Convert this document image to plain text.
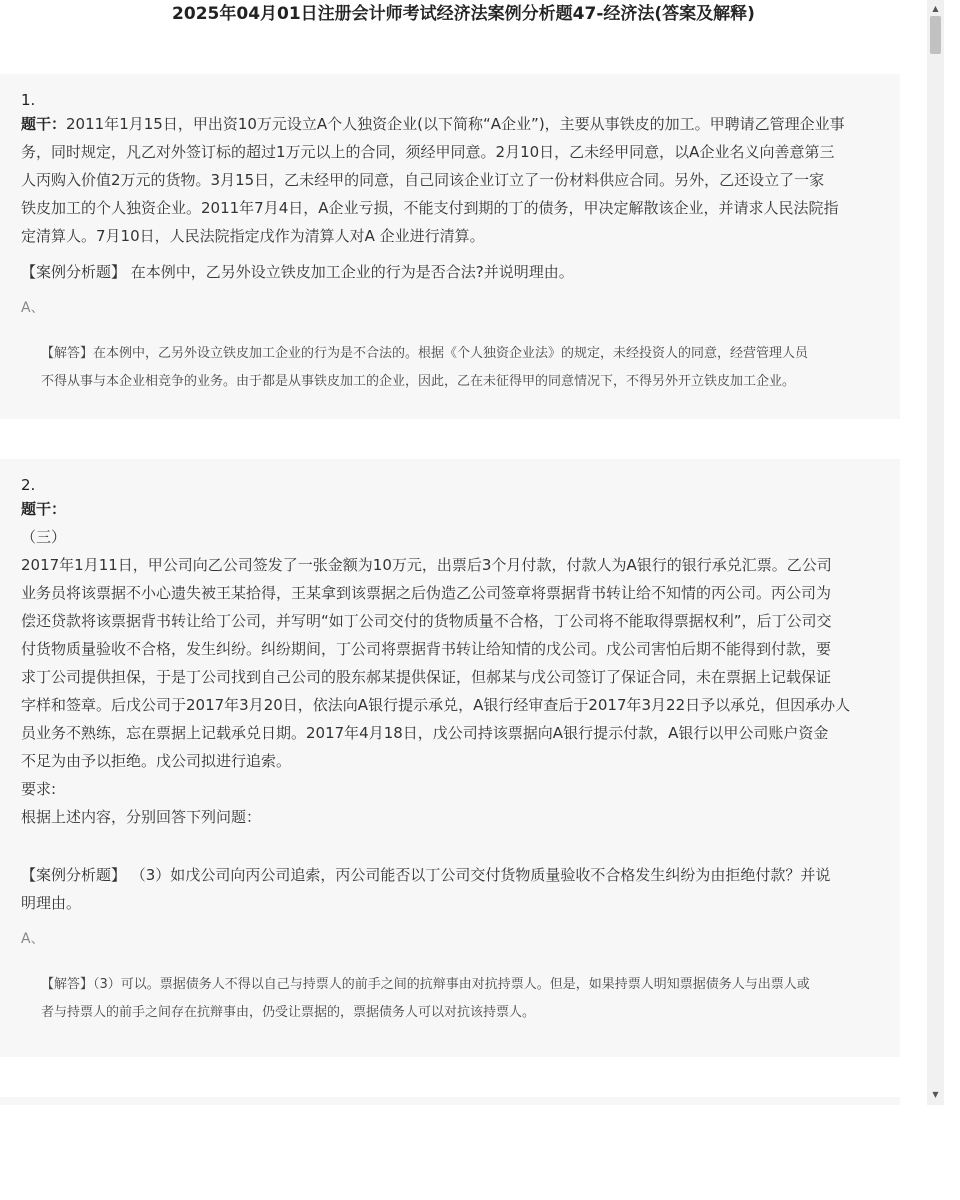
2025年04月01日注册会计师考试经济法案例分析题47-经济法(答案及解释)
1.
题干：2011年1月15日，甲出资10万元设立A个人独资企业(以下简称“A企业”)，主要从事铁皮的加工。甲聘请乙管理企业事
务，同时规定，凡乙对外签订标的超过1万元以上的合同，须经甲同意。2月10日，乙未经甲同意，以A企业名义向善意第三
人丙购入价值2万元的货物。3月15日，乙未经甲的同意，自己同该企业订立了一份材料供应合同。另外，乙还设立了一家
铁皮加工的个人独资企业。2011年7月4日，A企业亏损，不能支付到期的丁的债务，甲决定解散该企业，并请求人民法院指
定清算人。7月10日，人民法院指定戊作为清算人对A 企业进行清算。
【案例分析题】 在本例中，乙另外设立铁皮加工企业的行为是否合法?并说明理由。
A、
【解答】在本例中，乙另外设立铁皮加工企业的行为是不合法的。根据《个人独资企业法》的规定，未经投资人的同意，经营管理人员
不得从事与本企业相竞争的业务。由于都是从事铁皮加工的企业，因此，乙在未征得甲的同意情况下，不得另外开立铁皮加工企业。
2.
题干：
（三）
2017年1月11日，甲公司向乙公司签发了一张金额为10万元，出票后3个月付款，付款人为A银行的银行承兑汇票。乙公司
业务员将该票据不小心遗失被王某拾得，王某拿到该票据之后伪造乙公司签章将票据背书转让给不知情的丙公司。丙公司为
偿还贷款将该票据背书转让给丁公司，并写明“如丁公司交付的货物质量不合格，丁公司将不能取得票据权利”，后丁公司交
付货物质量验收不合格，发生纠纷。纠纷期间，丁公司将票据背书转让给知情的戊公司。戊公司害怕后期不能得到付款，要
求丁公司提供担保，于是丁公司找到自己公司的股东郝某提供保证，但郝某与戊公司签订了保证合同，未在票据上记载保证
字样和签章。后戊公司于2017年3月20日，依法向A银行提示承兑，A银行经审查后于2017年3月22日予以承兑，但因承办人
员业务不熟练，忘在票据上记载承兑日期。2017年4月18日，戊公司持该票据向A银行提示付款，A银行以甲公司账户资金
不足为由予以拒绝。戊公司拟进行追索。
要求:
根据上述内容，分别回答下列问题：
【案例分析题】 （3）如戊公司向丙公司追索，丙公司能否以丁公司交付货物质量验收不合格发生纠纷为由拒绝付款？并说
明理由。
A、
【解答】（3）可以。票据债务人不得以自己与持票人的前手之间的抗辩事由对抗持票人。但是，如果持票人明知票据债务人与出票人或
者与持票人的前手之间存在抗辩事由，仍受让票据的，票据债务人可以对抗该持票人。
▲
▼
